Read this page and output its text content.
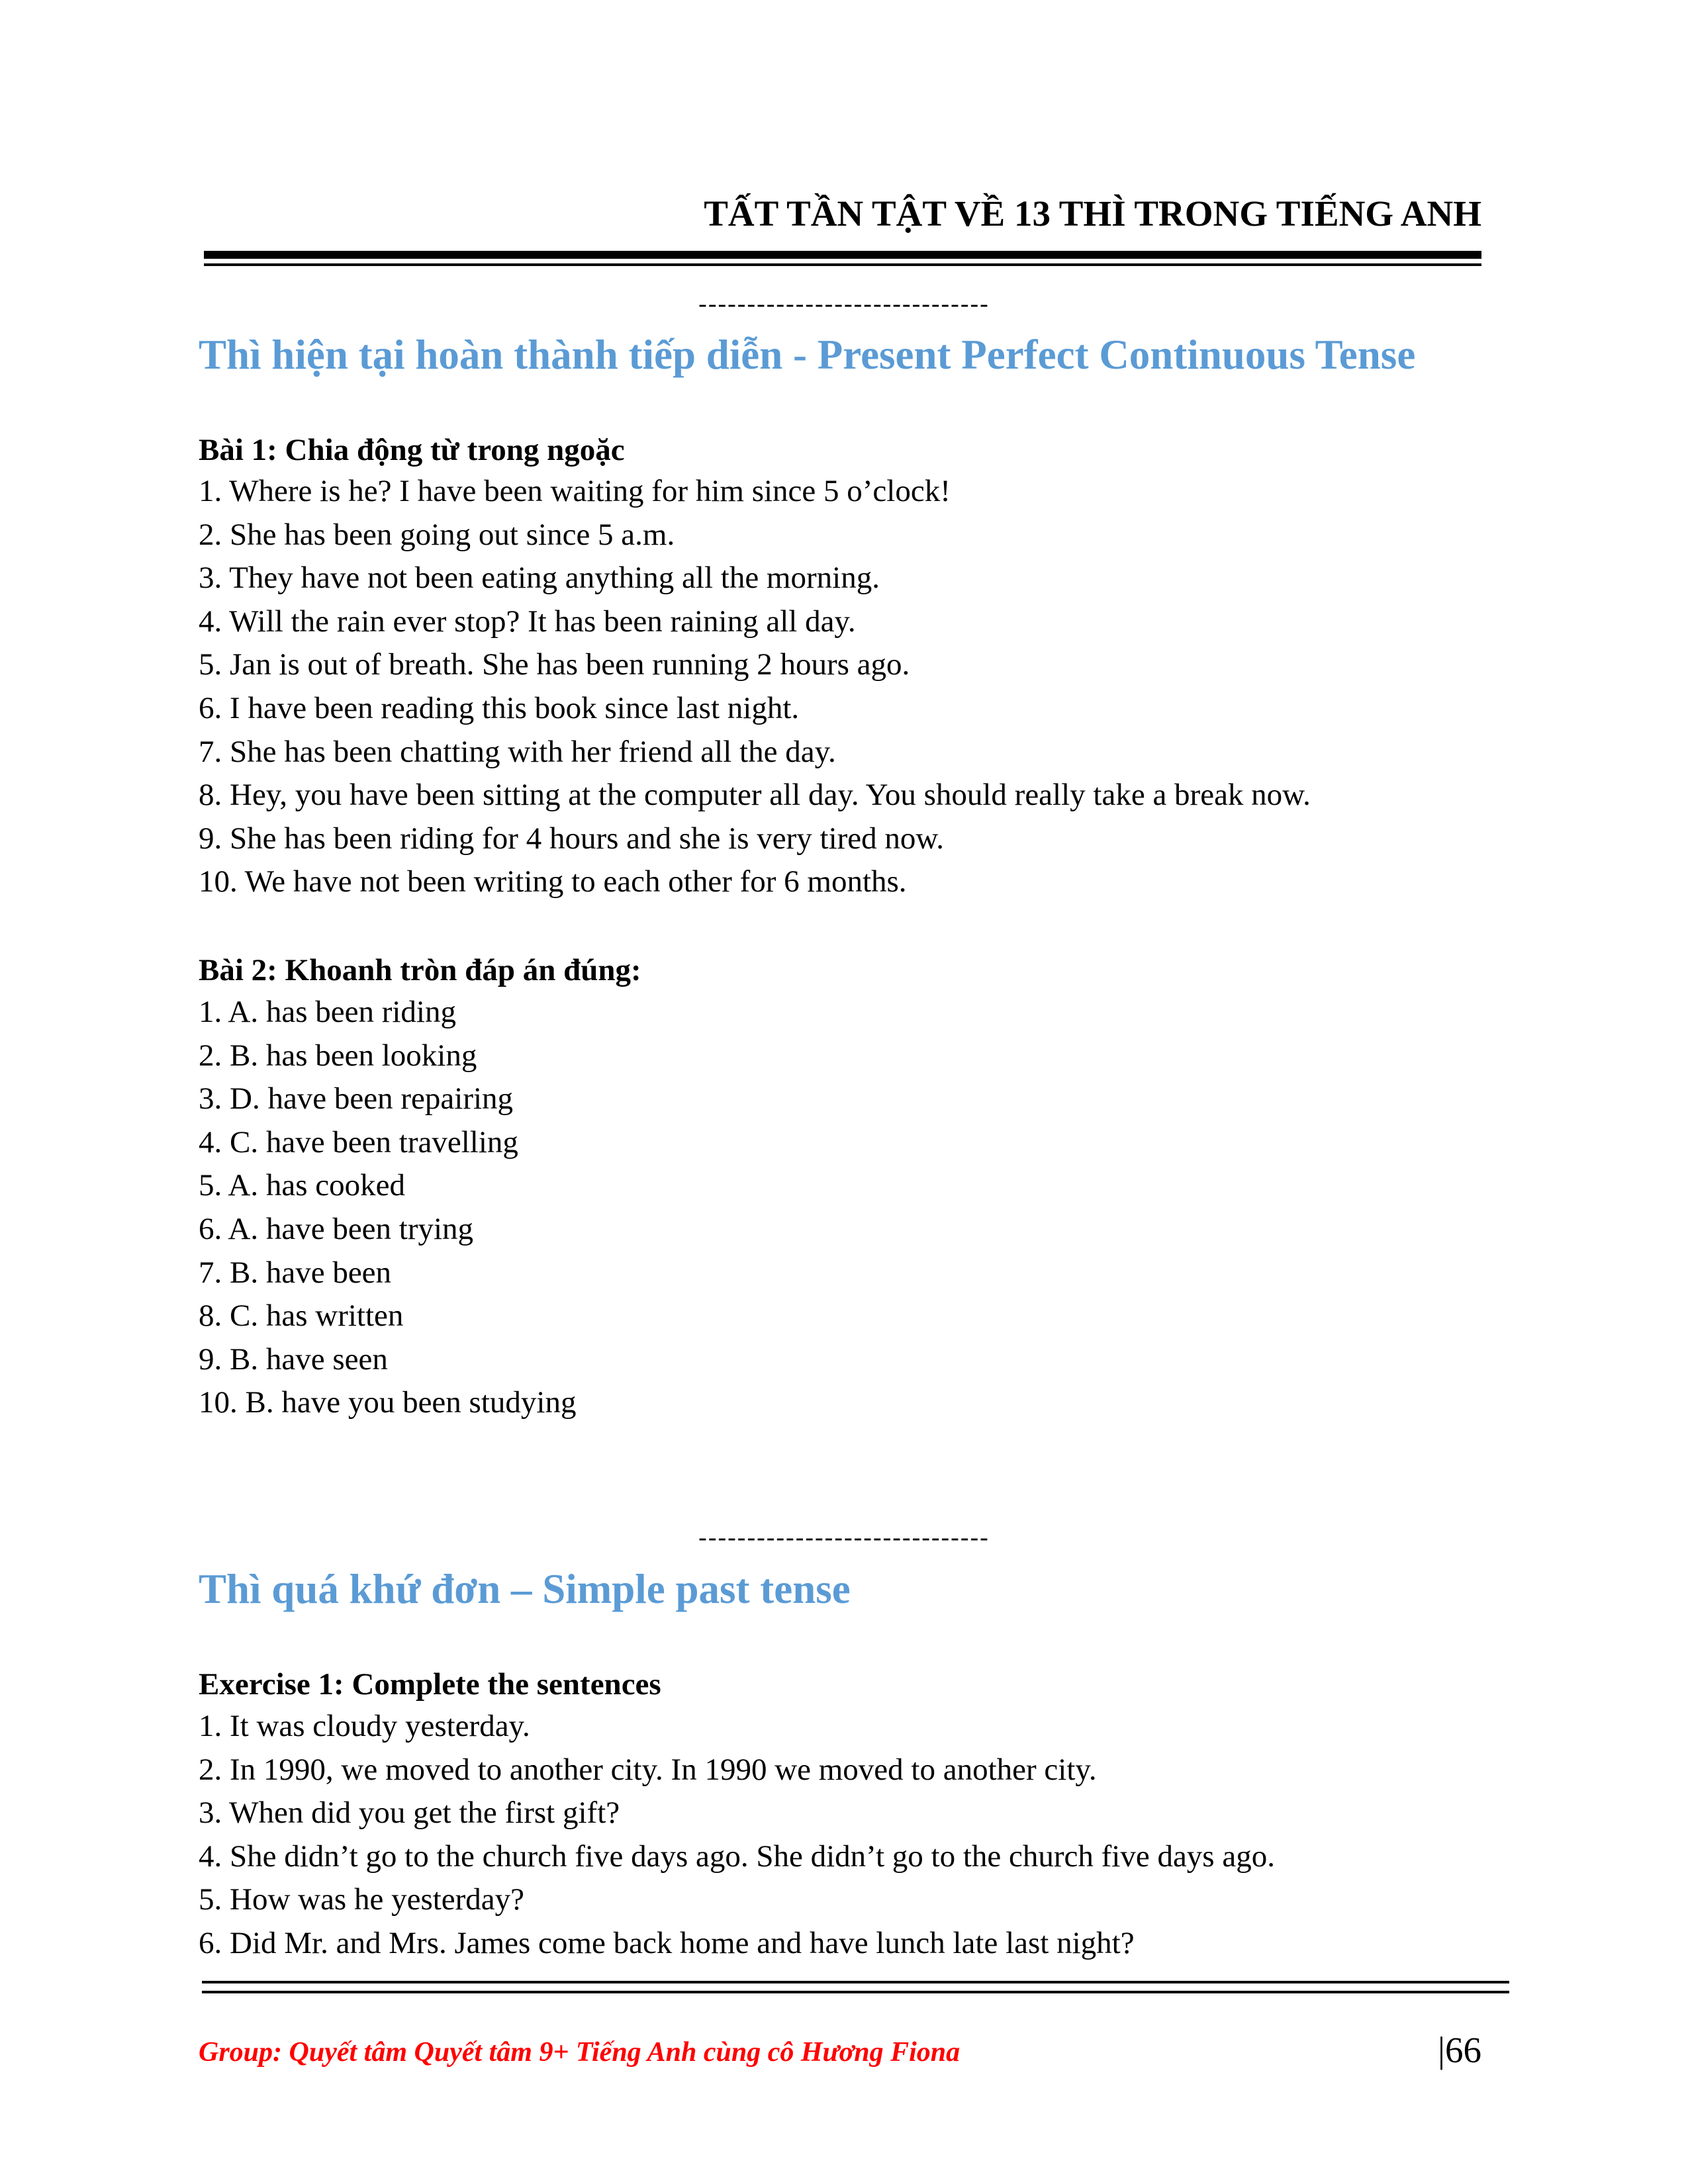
TẤT TẦN TẬT VỀ 13 THÌ TRONG TIẾNG ANH
------------------------------
Thì hiện tại hoàn thành tiếp diễn - Present Perfect Continuous Tense
Bài 1: Chia động từ trong ngoặc
1. Where is he? I have been waiting for him since 5 o’clock!
2. She has been going out since 5 a.m.
3. They have not been eating anything all the morning.
4. Will the rain ever stop? It has been raining all day.
5. Jan is out of breath. She has been running 2 hours ago.
6. I have been reading this book since last night.
7. She has been chatting with her friend all the day.
8. Hey, you have been sitting at the computer all day. You should really take a break now.
9. She has been riding for 4 hours and she is very tired now.
10. We have not been writing to each other for 6 months.
Bài 2: Khoanh tròn đáp án đúng:
1. A. has been riding
2. B. has been looking
3. D. have been repairing
4. C. have been travelling
5. A. has cooked
6. A. have been trying
7. B. have been
8. C. has written
9. B. have seen
10. B. have you been studying
------------------------------
Thì quá khứ đơn – Simple past tense
Exercise 1: Complete the sentences
1. It was cloudy yesterday.
2. In 1990, we moved to another city. In 1990 we moved to another city.
3. When did you get the first gift?
4. She didn’t go to the church five days ago. She didn’t go to the church five days ago.
5. How was he yesterday?
6. Did Mr. and Mrs. James come back home and have lunch late last night?
Group: Quyết tâm Quyết tâm 9+ Tiếng Anh cùng cô Hương Fiona	|66
